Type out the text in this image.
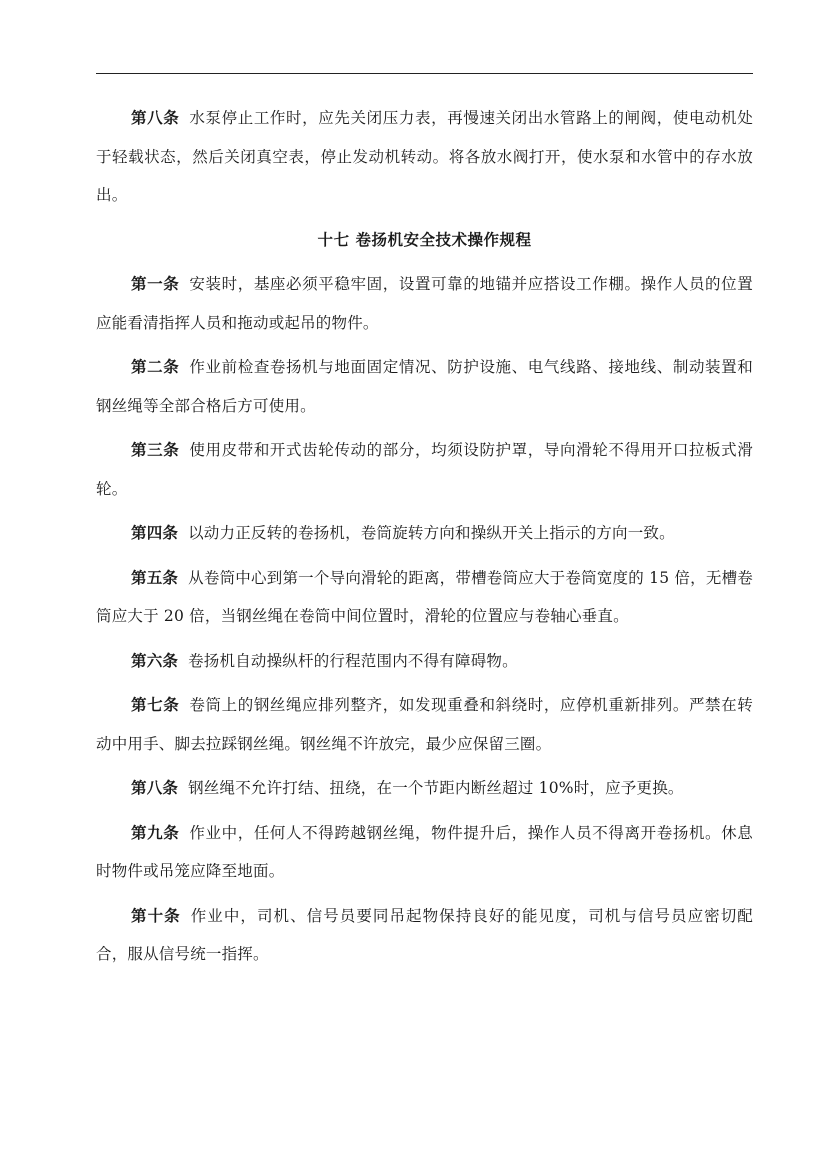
第八条 水泵停止工作时，应先关闭压力表，再慢速关闭出水管路上的闸阀，使电动机处于轻载状态，然后关闭真空表，停止发动机转动。将各放水阀打开，使水泵和水管中的存水放出。

十七 卷扬机安全技术操作规程

第一条 安装时，基座必须平稳牢固，设置可靠的地锚并应搭设工作棚。操作人员的位置应能看清指挥人员和拖动或起吊的物件。

第二条 作业前检查卷扬机与地面固定情况、防护设施、电气线路、接地线、制动装置和钢丝绳等全部合格后方可使用。

第三条 使用皮带和开式齿轮传动的部分，均须设防护罩，导向滑轮不得用开口拉板式滑轮。

第四条 以动力正反转的卷扬机，卷筒旋转方向和操纵开关上指示的方向一致。

第五条 从卷筒中心到第一个导向滑轮的距离，带槽卷筒应大于卷筒宽度的 15 倍，无槽卷筒应大于 20 倍，当钢丝绳在卷筒中间位置时，滑轮的位置应与卷轴心垂直。

第六条 卷扬机自动操纵杆的行程范围内不得有障碍物。

第七条 卷筒上的钢丝绳应排列整齐，如发现重叠和斜绕时，应停机重新排列。严禁在转动中用手、脚去拉踩钢丝绳。钢丝绳不许放完，最少应保留三圈。

第八条 钢丝绳不允许打结、扭绕，在一个节距内断丝超过 10%时，应予更换。

第九条 作业中，任何人不得跨越钢丝绳，物件提升后，操作人员不得离开卷扬机。休息时物件或吊笼应降至地面。

第十条 作业中，司机、信号员要同吊起物保持良好的能见度，司机与信号员应密切配合，服从信号统一指挥。
